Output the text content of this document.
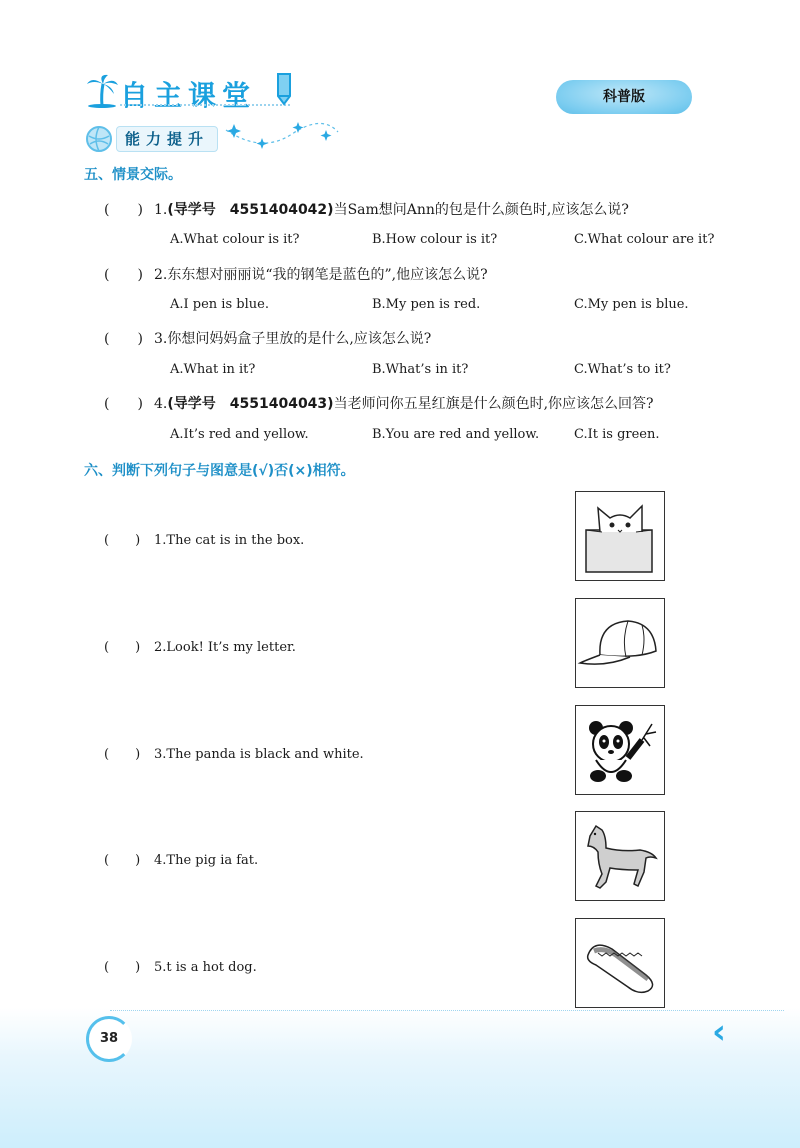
自主课堂	科普版
能力提升
五、情景交际。
(　　) 1.(导学号　4551404042)当Sam想问Ann的包是什么颜色时,应该怎么说?
A.What colour is it?	B.How colour is it?	C.What colour are it?
(　　) 2.东东想对丽丽说“我的钢笔是蓝色的”,他应该怎么说?
A.I pen is blue.	B.My pen is red.	C.My pen is blue.
(　　) 3.你想问妈妈盒子里放的是什么,应该怎么说?
A.What in it?	B.What’s in it?	C.What’s to it?
(　　) 4.(导学号　4551404043)当老师问你五星红旗是什么颜色时,你应该怎么回答?
A.It’s red and yellow.	B.You are red and yellow.	C.It is green.
六、判断下列句子与图意是(√)否(×)相符。
(　　) 1.The cat is in the box.
(　　) 2.Look! It’s my letter.
(　　) 3.The panda is black and white.
(　　) 4.The pig ia fat.
(　　) 5.t is a hot dog.
38	‹
